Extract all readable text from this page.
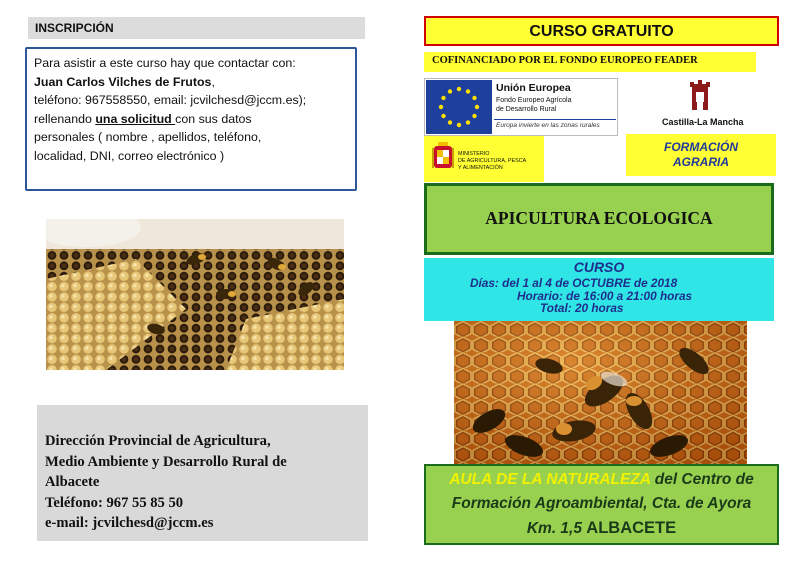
INSCRIPCIÓN
Para asistir a este curso hay que contactar con:
Juan Carlos Vilches de Frutos,
teléfono: 967558550, email: jcvilchesd@jccm.es);
rellenando una solicitud con sus datos
personales ( nombre , apellidos, teléfono,
localidad, DNI, correo electrónico )
Dirección Provincial de Agricultura,
Medio Ambiente y Desarrollo Rural de
Albacete
Teléfono: 967 55 85 50
e-mail: jcvilchesd@jccm.es
CURSO GRATUITO
COFINANCIADO POR EL FONDO EUROPEO FEADER
Unión Europea
Fondo Europeo Agrícola
de Desarrollo Rural
Europa invierte en las zonas rurales	Castilla-La Mancha
MINISTERIO
DE AGRICULTURA, PESCA
Y ALIMENTACIÓN
FORMACIÓN
AGRARIA
APICULTURA ECOLOGICA
CURSO
Días: del 1 al 4 de OCTUBRE de 2018
Horario: de 16:00 a 21:00 horas
Total: 20 horas
AULA DE LA NATURALEZA del Centro de
Formación Agroambiental, Cta. de Ayora
Km. 1,5 ALBACETE
